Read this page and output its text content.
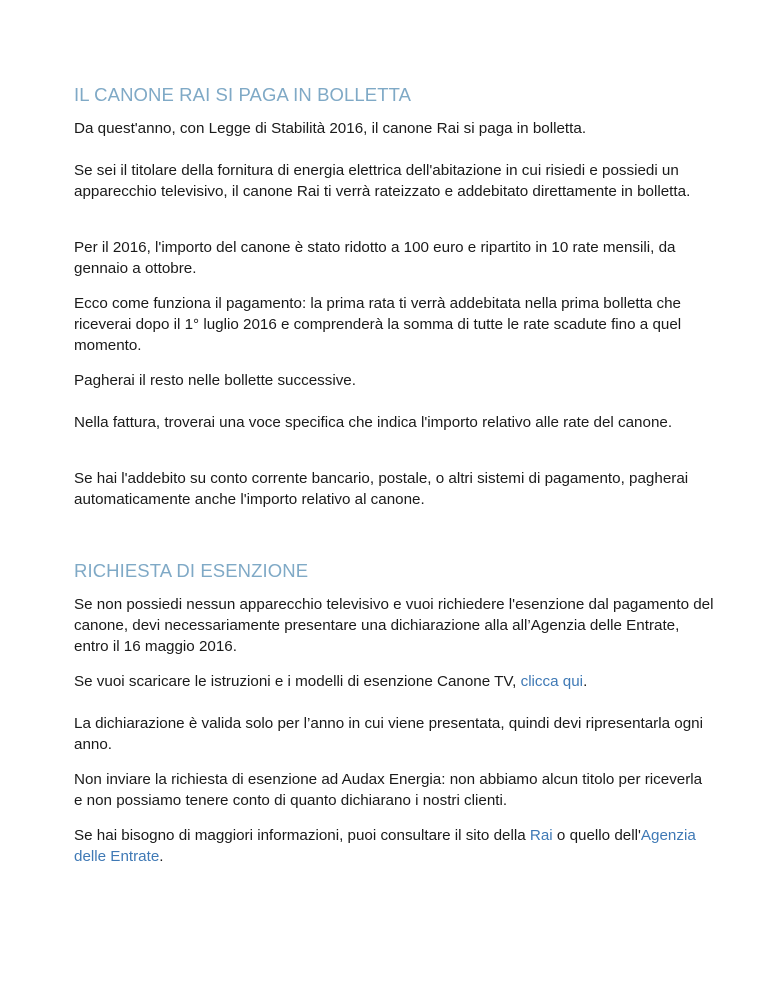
IL CANONE RAI SI PAGA IN BOLLETTA

Da quest'anno, con Legge di Stabilità 2016, il canone Rai si paga in bolletta.

Se sei il titolare della fornitura di energia elettrica dell'abitazione in cui risiedi e possiedi un apparecchio televisivo, il canone Rai ti verrà rateizzato e addebitato direttamente in bolletta.

Per il 2016, l'importo del canone è stato ridotto a 100 euro e ripartito in 10 rate mensili, da gennaio a ottobre.

Ecco come funziona il pagamento: la prima rata ti verrà addebitata nella prima bolletta che riceverai dopo il 1° luglio 2016 e comprenderà la somma di tutte le rate scadute fino a quel momento.

Pagherai il resto nelle bollette successive.

Nella fattura, troverai una voce specifica che indica l'importo relativo alle rate del canone.

Se hai l'addebito su conto corrente bancario, postale, o altri sistemi di pagamento, pagherai automaticamente anche l'importo relativo al canone.

RICHIESTA DI ESENZIONE

Se non possiedi nessun apparecchio televisivo e vuoi richiedere l'esenzione dal pagamento del canone, devi necessariamente presentare una dichiarazione alla all’Agenzia delle Entrate, entro il 16 maggio 2016.

Se vuoi scaricare le istruzioni e i modelli di esenzione Canone TV, clicca qui.

La dichiarazione è valida solo per l’anno in cui viene presentata, quindi devi ripresentarla ogni anno.

Non inviare la richiesta di esenzione ad Audax Energia: non abbiamo alcun titolo per riceverla e non possiamo tenere conto di quanto dichiarano i nostri clienti.

Se hai bisogno di maggiori informazioni, puoi consultare il sito della Rai o quello dell'Agenzia delle Entrate.
